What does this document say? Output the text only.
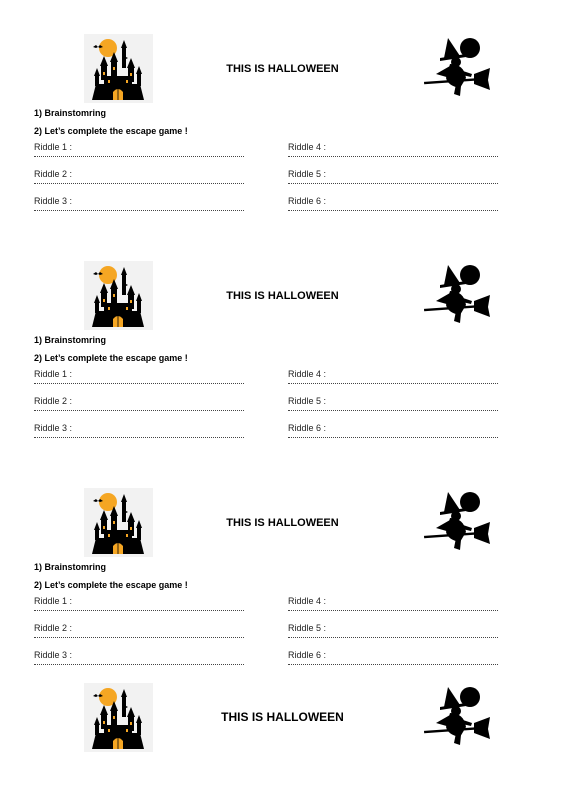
THIS IS HALLOWEEN
1) Brainstomring
2) Let’s complete the escape game !
Riddle 1 :
Riddle 2 :
Riddle 3 :
Riddle 4 :
Riddle 5 :
Riddle 6 :
THIS IS HALLOWEEN
1) Brainstomring
2) Let’s complete the escape game !
Riddle 1 :
Riddle 2 :
Riddle 3 :
Riddle 4 :
Riddle 5 :
Riddle 6 :
THIS IS HALLOWEEN
1) Brainstomring
2) Let’s complete the escape game !
Riddle 1 :
Riddle 2 :
Riddle 3 :
Riddle 4 :
Riddle 5 :
Riddle 6 :
THIS IS HALLOWEEN
